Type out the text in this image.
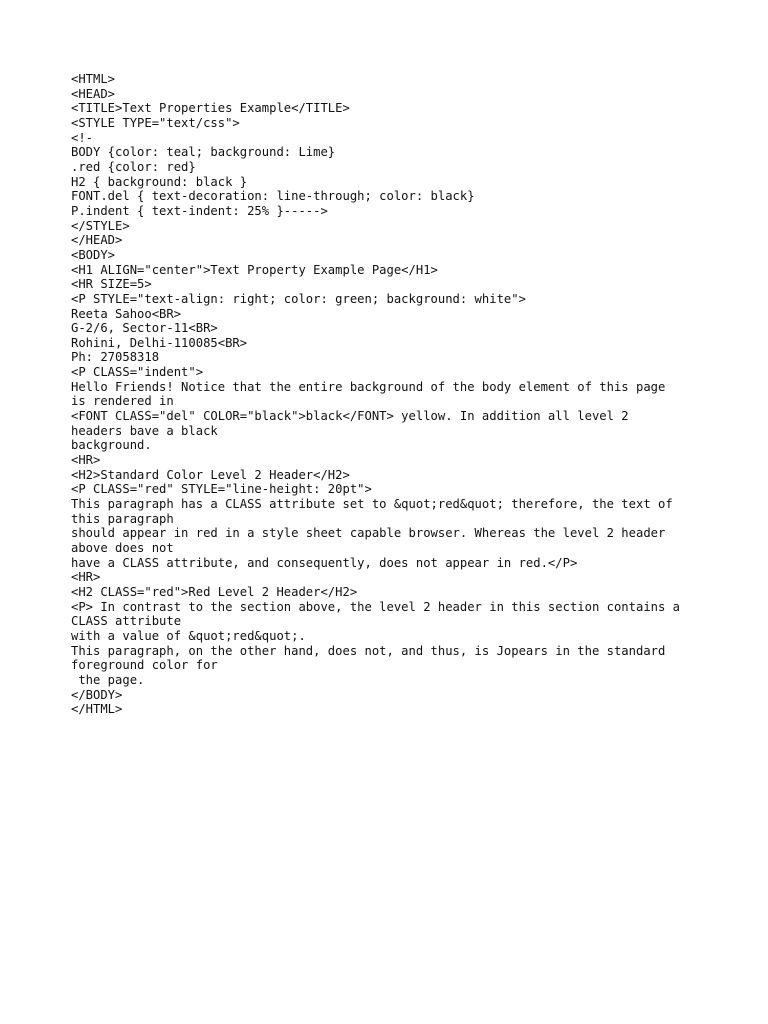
<HTML>
<HEAD>
<TITLE>Text Properties Example</TITLE>
<STYLE TYPE="text/css">
<!-
BODY {color: teal; background: Lime}
.red {color: red}
H2 { background: black }
FONT.del { text-decoration: line-through; color: black}
P.indent { text-indent: 25% }----->
</STYLE>
</HEAD>
<BODY>
<H1 ALIGN="center">Text Property Example Page</H1>
<HR SIZE=5>
<P STYLE="text-align: right; color: green; background: white">
Reeta Sahoo<BR>
G-2/6, Sector-11<BR>
Rohini, Delhi-110085<BR>
Ph: 27058318
<P CLASS="indent">
Hello Friends! Notice that the entire background of the body element of this page
is rendered in
<FONT CLASS="del" COLOR="black">black</FONT> yellow. In addition all level 2
headers bave a black
background.
<HR>
<H2>Standard Color Level 2 Header</H2>
<P CLASS="red" STYLE="line-height: 20pt">
This paragraph has a CLASS attribute set to &quot;red&quot; therefore, the text of
this paragraph
should appear in red in a style sheet capable browser. Whereas the level 2 header
above does not
have a CLASS attribute, and consequently, does not appear in red.</P>
<HR>
<H2 CLASS="red">Red Level 2 Header</H2>
<P> In contrast to the section above, the level 2 header in this section contains a
CLASS attribute
with a value of &quot;red&quot;.
This paragraph, on the other hand, does not, and thus, is Jopears in the standard
foreground color for
the page.
</BODY>
</HTML>
